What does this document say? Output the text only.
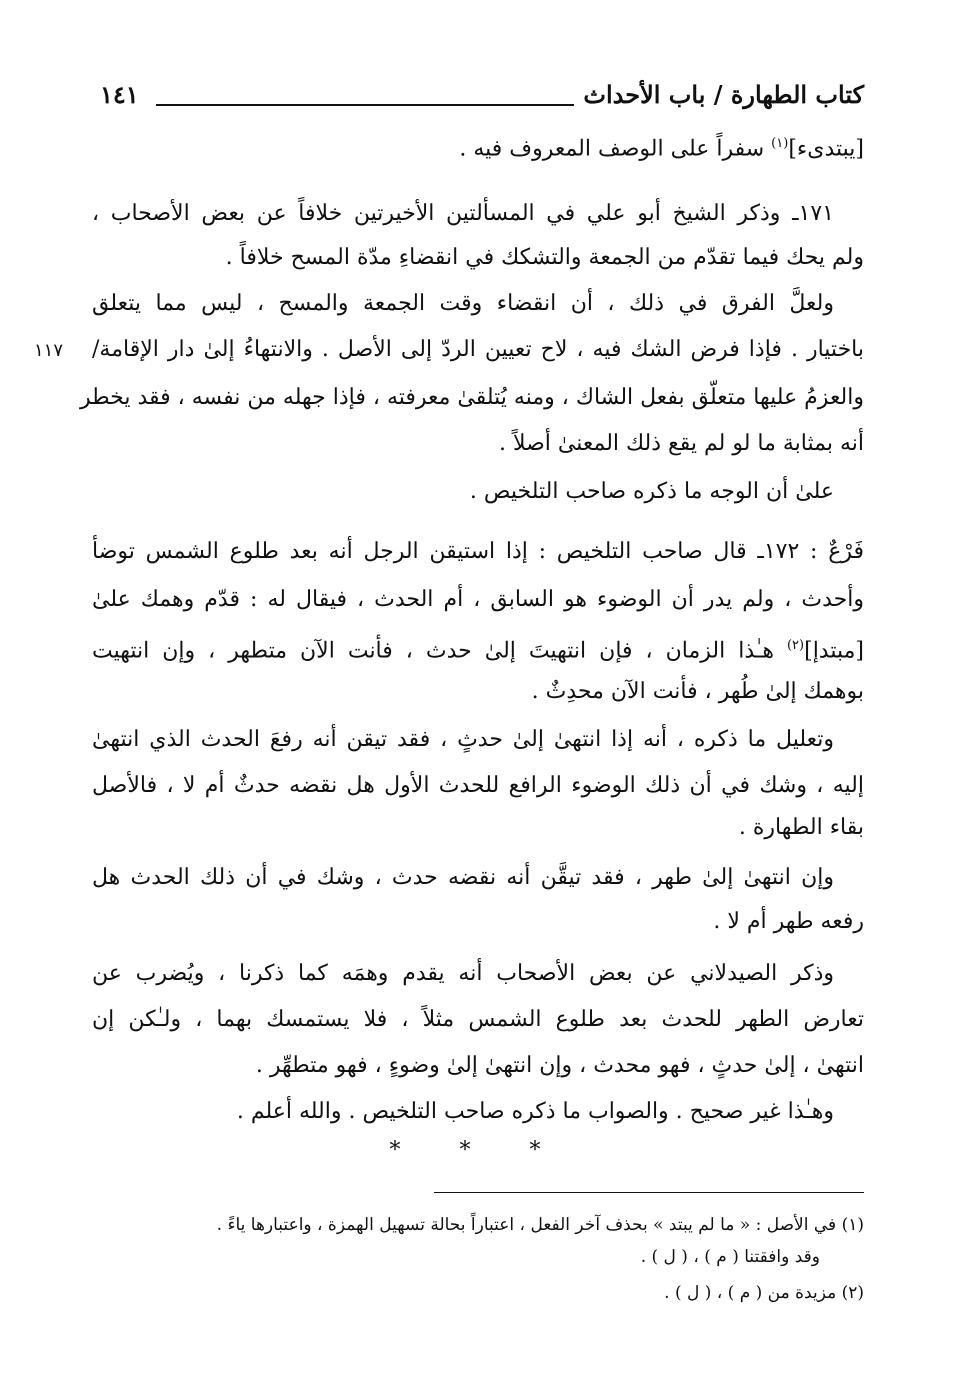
كتاب الطهارة / باب الأحداث
١٤١
١١٧
[يبتدىء]$^{(١)}$ سفراً على الوصف المعروف فيه .
١٧١ـ وذكر الشيخ أبو علي في المسألتين الأخيرتين خلافاً عن بعض الأصحاب ،
ولم يحك فيما تقدّم من الجمعة والتشكك في انقضاءِ مدّة المسح خلافاً .
ولعلَّ الفرق في ذلك ، أن انقضاء وقت الجمعة والمسح ، ليس مما يتعلق
باختيار . فإذا فرض الشك فيه ، لاح تعيين الردّ إلى الأصل . والانتهاءُ إلىٰ دار الإقامة/
والعزمُ عليها متعلّق بفعل الشاك ، ومنه يُتلقىٰ معرفته ، فإذا جهله من نفسه ، فقد يخطر
أنه بمثابة ما لو لم يقع ذلك المعنىٰ أصلاً .
علىٰ أن الوجه ما ذكره صاحب التلخيص .
فَرْعٌ : ١٧٢ـ قال صاحب التلخيص : إذا استيقن الرجل أنه بعد طلوع الشمس توضأ
وأحدث ، ولم يدر أن الوضوء هو السابق ، أم الحدث ، فيقال له : قدّم وهمك علىٰ
[مبتدإ]$^{(٢)}$ هـٰذا الزمان ، فإن انتهيتَ إلىٰ حدث ، فأنت الآن متطهر ، وإن انتهيت
بوهمك إلىٰ طُهر ، فأنت الآن محدِثٌ .
وتعليل ما ذكره ، أنه إذا انتهىٰ إلىٰ حدثٍ ، فقد تيقن أنه رفعَ الحدث الذي انتهىٰ
إليه ، وشك في أن ذلك الوضوء الرافع للحدث الأول هل نقضه حدثٌ أم لا ، فالأصل
بقاء الطهارة .
وإن انتهىٰ إلىٰ طهر ، فقد تيقَّن أنه نقضه حدث ، وشك في أن ذلك الحدث هل
رفعه طهر أم لا .
وذكر الصيدلاني عن بعض الأصحاب أنه يقدم وهمَه كما ذكرنا ، ويُضرب عن
تعارض الطهر للحدث بعد طلوع الشمس مثلاً ، فلا يستمسك بهما ، ولـٰكن إن
انتهىٰ ، إلىٰ حدثٍ ، فهو محدث ، وإن انتهىٰ إلىٰ وضوءٍ ، فهو متطهِّر .
وهـٰذا غير صحيح . والصواب ما ذكره صاحب التلخيص . والله أعلم .
* * *
(١) في الأصل : « ما لم يبتد » بحذف آخر الفعل ، اعتباراً بحالة تسهيل الهمزة ، واعتبارها ياءً .
وقد وافقتنا ( م ) ، ( ل ) .
(٢) مزيدة من ( م ) ، ( ل ) .
